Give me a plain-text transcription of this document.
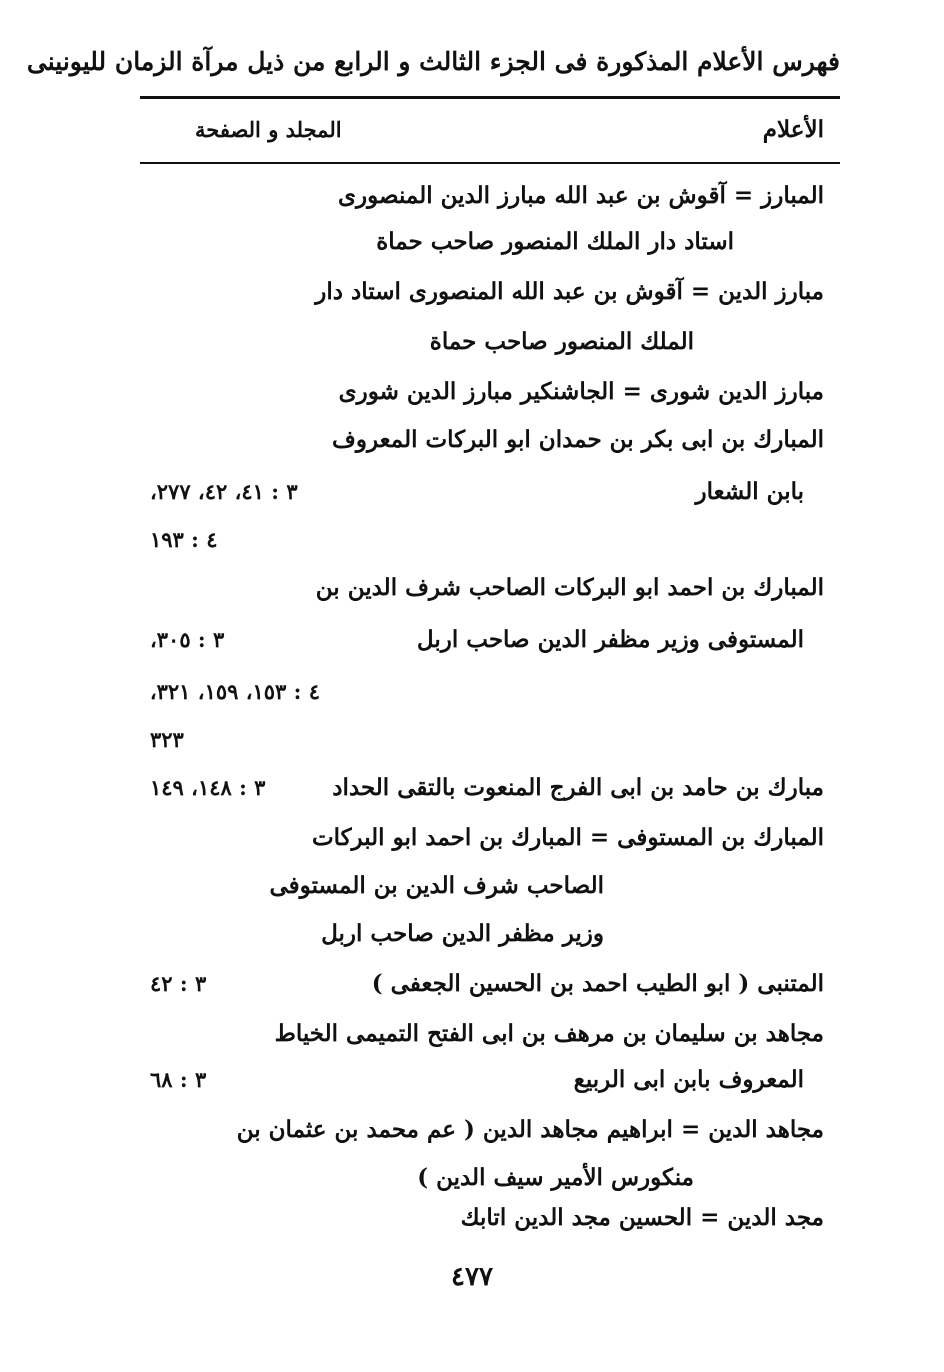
فهرس الأعلام المذكورة فى الجزء الثالث و الرابع من ذيل مرآة الزمان لليونينى
الأعلام
المجلد و الصفحة
المبارز = آقوش بن عبد الله مبارز الدين المنصورى
استاد دار الملك المنصور صاحب حماة
مبارز الدين = آقوش بن عبد الله المنصورى استاد دار
الملك المنصور صاحب حماة
مبارز الدين شورى = الجاشنكير مبارز الدين شورى
المبارك بن ابى بكر بن حمدان ابو البركات المعروف
بابن الشعار
٣ : ٤١، ٤٢، ٢٧٧،
٤ : ١٩٣
المبارك بن احمد ابو البركات الصاحب شرف الدين بن
المستوفى وزير مظفر الدين صاحب اربل
٣ : ٣٠٥،
٤ : ١٥٣، ١٥٩، ٣٢١،
٣٢٣
مبارك بن حامد بن ابى الفرج المنعوت بالتقى الحداد
٣ : ١٤٨، ١٤٩
المبارك بن المستوفى = المبارك بن احمد ابو البركات
الصاحب شرف الدين بن المستوفى
وزير مظفر الدين صاحب اربل
المتنبى ( ابو الطيب احمد بن الحسين الجعفى )
٣ : ٤٢
مجاهد بن سليمان بن مرهف بن ابى الفتح التميمى الخياط
المعروف بابن ابى الربيع
٣ : ٦٨
مجاهد الدين = ابراهيم مجاهد الدين ( عم محمد بن عثمان بن
منكورس الأمير سيف الدين )
مجد الدين = الحسين مجد الدين اتابك
٤٧٧
